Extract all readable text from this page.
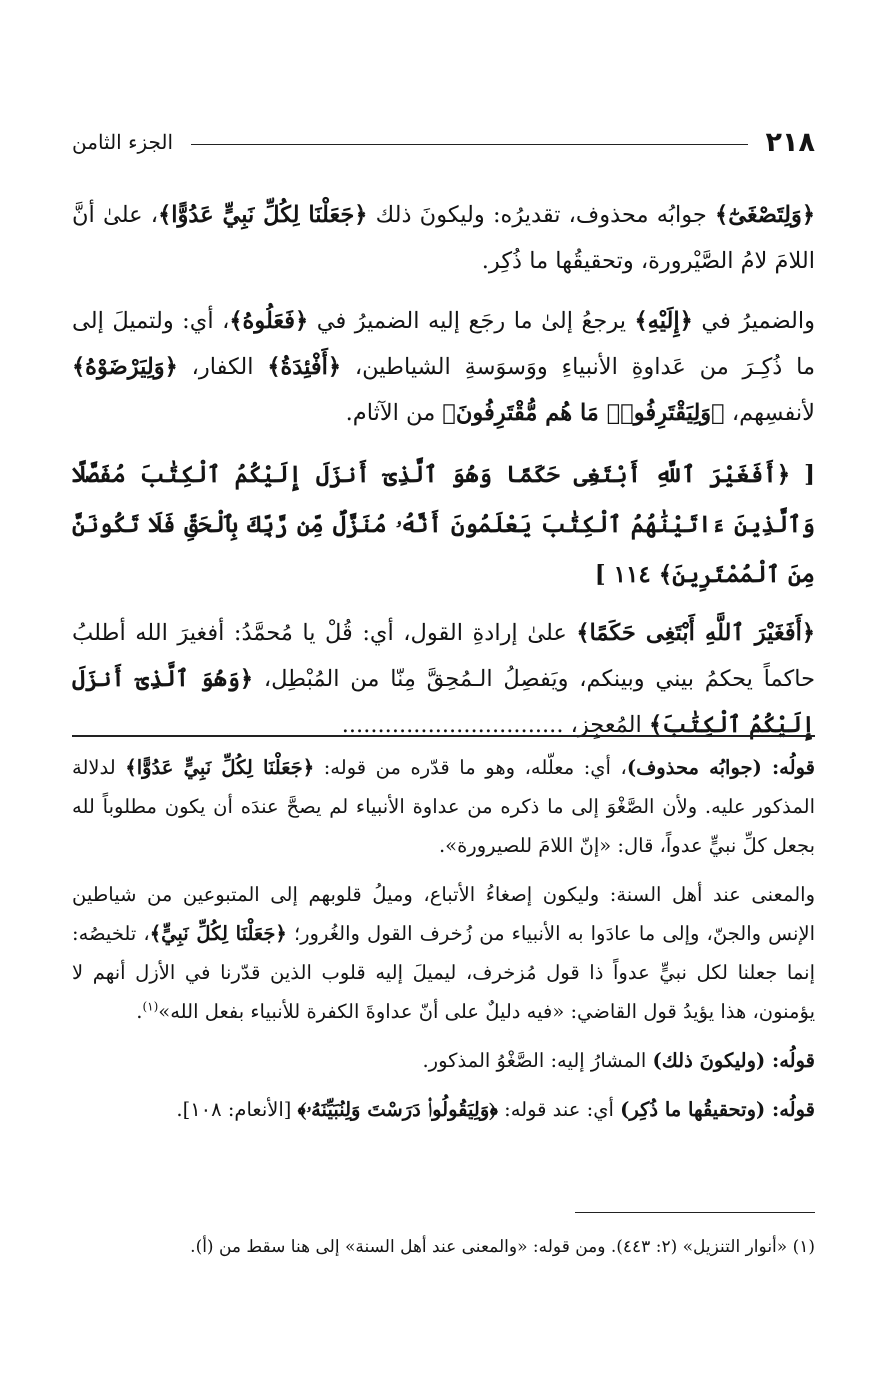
٢١٨
الجزء الثامن

﴿وَلِتَصْغَىٰٓ﴾ جوابُه محذوف، تقديرُه: وليكونَ ذلك ﴿جَعَلْنَا لِكُلِّ نَبِيٍّ عَدُوًّا﴾، علىٰ أنَّ اللامَ لامُ الصَّيْرورة، وتحقيقُها ما ذُكِر.

والضميرُ في ﴿إِلَيْهِ﴾ يرجعُ إلىٰ ما رجَع إليه الضميرُ في ﴿فَعَلُوهُ﴾، أي: ولتميلَ إلى ما ذُكِـرَ من عَداوةِ الأنبياءِ ووَسوَسةِ الشياطين، ﴿أَفْئِدَةُ﴾ الكفار، ﴿وَلِيَرْضَوْهُ﴾ لأنفسِهم، ﴿وَلِيَقْتَرِفُوا۟ مَا هُم مُّقْتَرِفُونَ﴾ من الآثام.

[ ﴿أَفَغَيْرَ ٱللَّهِ أَبْتَغِى حَكَمًا وَهُوَ ٱلَّذِىٓ أَنزَلَ إِلَيْكُمُ ٱلْكِتَٰبَ مُفَصَّلًا وَٱلَّذِينَ ءَاتَيْنَٰهُمُ ٱلْكِتَٰبَ يَعْلَمُونَ أَنَّهُۥ مُنَزَّلٌ مِّن رَّبِّكَ بِٱلْحَقِّ فَلَا تَكُونَنَّ مِنَ ٱلْمُمْتَرِينَ﴾ ١١٤ ]

﴿أَفَغَيْرَ ٱللَّهِ أَبْتَغِى حَكَمًا﴾ علىٰ إرادةِ القول، أي: قُلْ يا مُحمَّدُ: أفغيرَ الله أطلبُ حاكماً يحكمُ بيني وبينكم، ويَفصِلُ الـمُحِقَّ مِنّا من المُبْطِل، ﴿وَهُوَ ٱلَّذِىٓ أَنزَلَ إِلَيْكُمُ ٱلْكِتَٰبَ﴾ المُعجِز، ...............................

قولُه: (جوابُه محذوف)، أي: معلّله، وهو ما قدّره من قوله: ﴿جَعَلْنَا لِكُلِّ نَبِيٍّ عَدُوًّا﴾ لدلالة المذكور عليه. ولأن الصَّغْوَ إلى ما ذكره من عداوة الأنبياء لم يصحَّ عندَه أن يكون مطلوباً لله بجعل كلِّ نبيٍّ عدواً، قال: «إنّ اللامَ للصيرورة».

والمعنى عند أهل السنة: وليكون إصغاءُ الأتباع، وميلُ قلوبهم إلى المتبوعين من شياطين الإنس والجنّ، وإلى ما عادَوا به الأنبياء من زُخرف القول والغُرور؛ ﴿جَعَلْنَا لِكُلِّ نَبِيٍّ﴾، تلخيصُه: إنما جعلنا لكل نبيٍّ عدواً ذا قول مُزخرف، ليميلَ إليه قلوب الذين قدّرنا في الأزل أنهم لا يؤمنون، هذا يؤيدُ قول القاضي: «فيه دليلٌ على أنّ عداوةَ الكفرة للأنبياء بفعل الله»$^{(١)}$.

قولُه: (وليكونَ ذلك) المشارُ إليه: الصَّغْوُ المذكور.

قولُه: (وتحقيقُها ما ذُكِر) أي: عند قوله: ﴿وَلِيَقُولُوا۟ دَرَسْتَ وَلِنُبَيِّنَهُۥ﴾ [الأنعام: ١٠٨].

(١) «أنوار التنزيل» (٢: ٤٤٣). ومن قوله: «والمعنى عند أهل السنة» إلى هنا سقط من (أ).
